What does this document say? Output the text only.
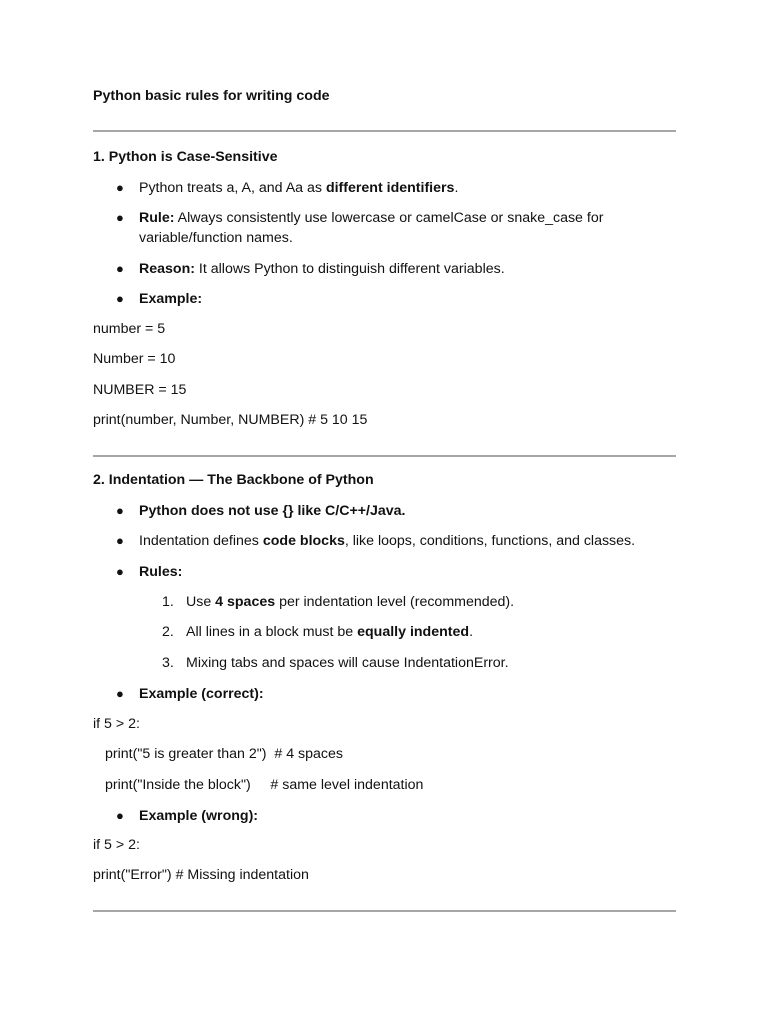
Python basic rules for writing code
1. Python is Case-Sensitive
● Python treats a, A, and Aa as different identifiers.
● Rule: Always consistently use lowercase or camelCase or snake_case for
variable/function names.
● Reason: It allows Python to distinguish different variables.
● Example:
number = 5
Number = 10
NUMBER = 15
print(number, Number, NUMBER) # 5 10 15
2. Indentation — The Backbone of Python
● Python does not use {} like C/C++/Java.
● Indentation defines code blocks, like loops, conditions, functions, and classes.
● Rules:
1. Use 4 spaces per indentation level (recommended).
2. All lines in a block must be equally indented.
3. Mixing tabs and spaces will cause IndentationError.
● Example (correct):
if 5 > 2:
print("5 is greater than 2")  # 4 spaces
print("Inside the block")     # same level indentation
● Example (wrong):
if 5 > 2:
print("Error") # Missing indentation
